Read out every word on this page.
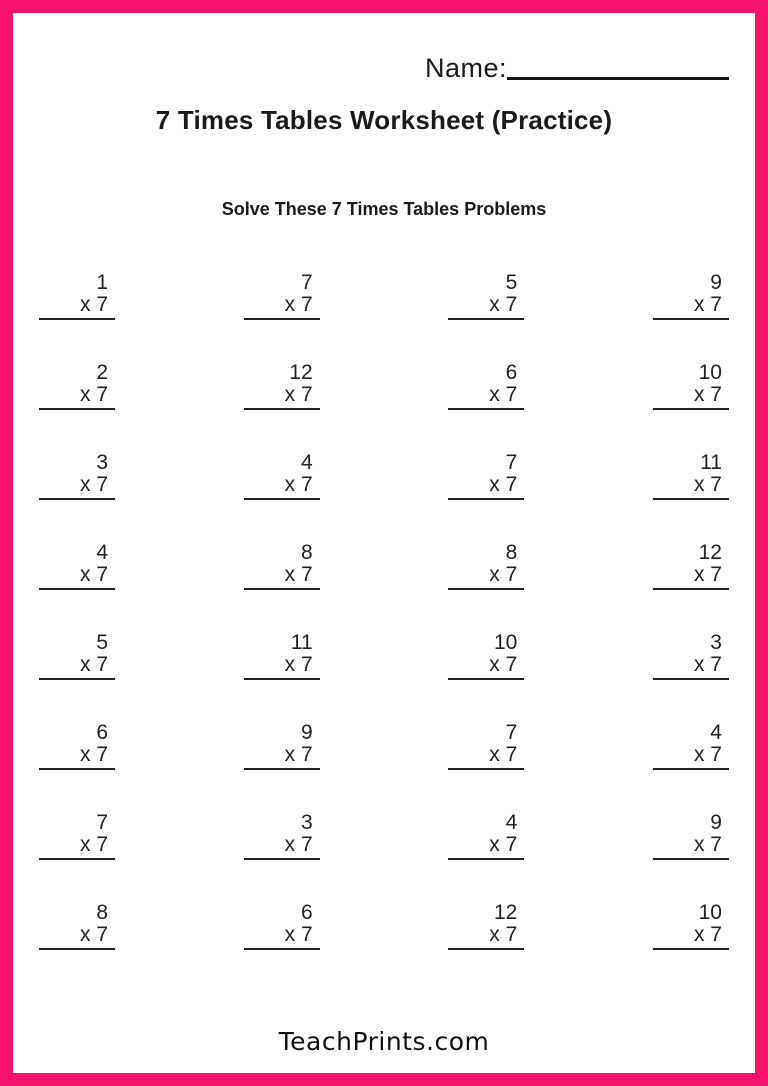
Name:
7 Times Tables Worksheet (Practice)
Solve These 7 Times Tables Problems
1
x 7
7
x 7
5
x 7
9
x 7
2
x 7
12
x 7
6
x 7
10
x 7
3
x 7
4
x 7
7
x 7
11
x 7
4
x 7
8
x 7
8
x 7
12
x 7
5
x 7
11
x 7
10
x 7
3
x 7
6
x 7
9
x 7
7
x 7
4
x 7
7
x 7
3
x 7
4
x 7
9
x 7
8
x 7
6
x 7
12
x 7
10
x 7
TeachPrints.com
